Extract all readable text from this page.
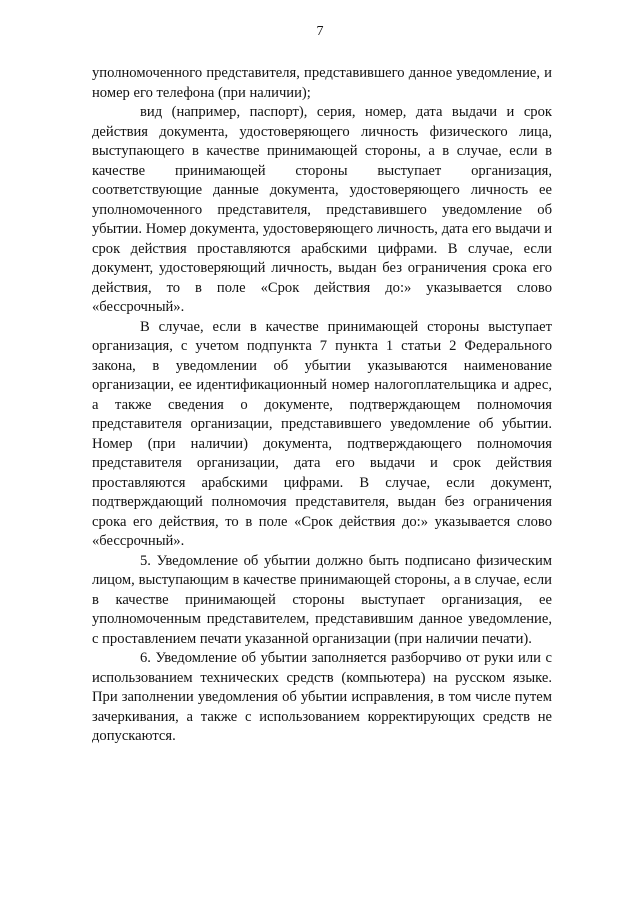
7

уполномоченного представителя, представившего данное уведомление, и номер его телефона (при наличии);

вид (например, паспорт), серия, номер, дата выдачи и срок действия документа, удостоверяющего личность физического лица, выступающего в качестве принимающей стороны, а в случае, если в качестве принимающей стороны выступает организация, соответствующие данные документа, удостоверяющего личность ее уполномоченного представителя, представившего уведомление об убытии. Номер документа, удостоверяющего личность, дата его выдачи и срок действия проставляются арабскими цифрами. В случае, если документ, удостоверяющий личность, выдан без ограничения срока его действия, то в поле «Срок действия до:» указывается слово «бессрочный».

В случае, если в качестве принимающей стороны выступает организация, с учетом подпункта 7 пункта 1 статьи 2 Федерального закона, в уведомлении об убытии указываются наименование организации, ее идентификационный номер налогоплательщика и адрес, а также сведения о документе, подтверждающем полномочия представителя организации, представившего уведомление об убытии. Номер (при наличии) документа, подтверждающего полномочия представителя организации, дата его выдачи и срок действия проставляются арабскими цифрами. В случае, если документ, подтверждающий полномочия представителя, выдан без ограничения срока его действия, то в поле «Срок действия до:» указывается слово «бессрочный».

5. Уведомление об убытии должно быть подписано физическим лицом, выступающим в качестве принимающей стороны, а в случае, если в качестве принимающей стороны выступает организация, ее уполномоченным представителем, представившим данное уведомление, с проставлением печати указанной организации (при наличии печати).

6. Уведомление об убытии заполняется разборчиво от руки или с использованием технических средств (компьютера) на русском языке. При заполнении уведомления об убытии исправления, в том числе путем зачеркивания, а также с использованием корректирующих средств не допускаются.
